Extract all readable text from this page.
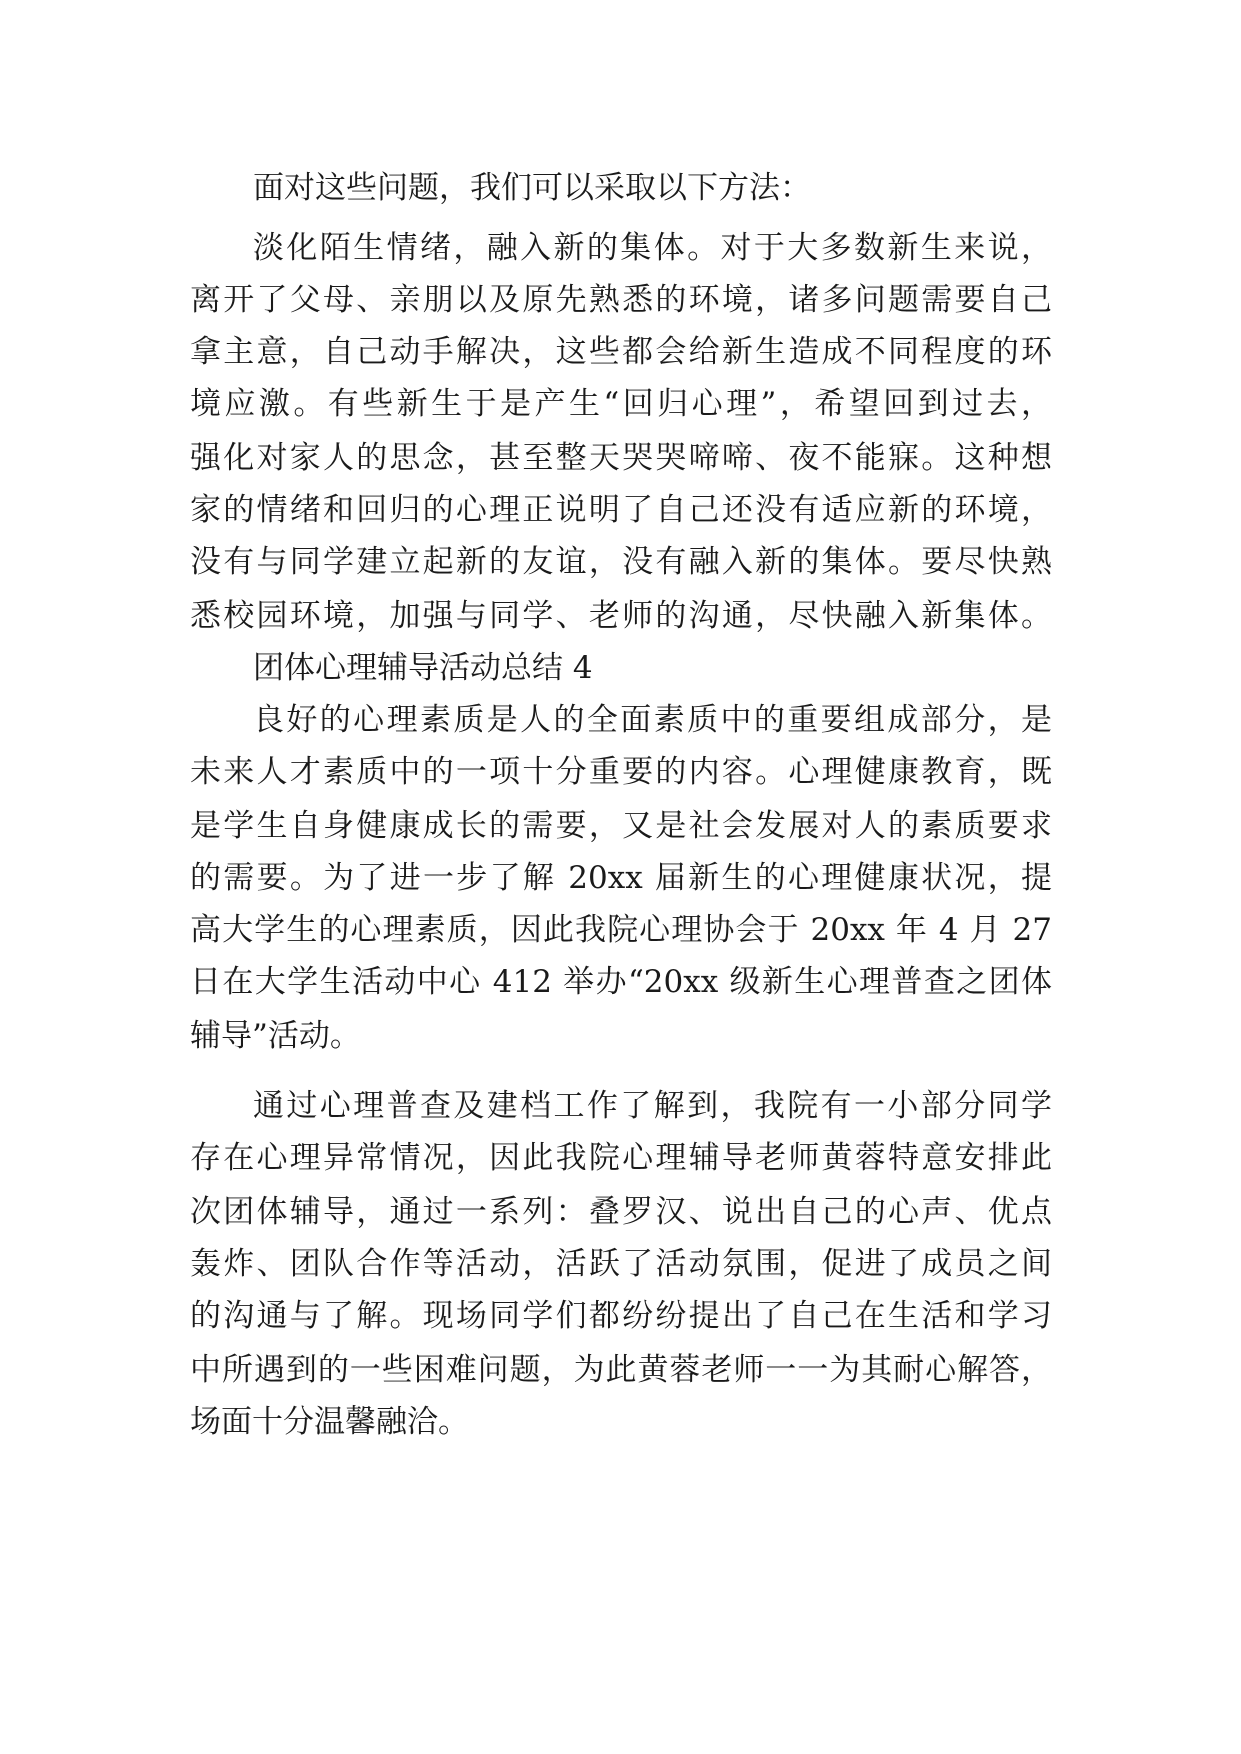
面对这些问题，我们可以采取以下方法：
淡化陌生情绪，融入新的集体。对于大多数新生来说，
离开了父母、亲朋以及原先熟悉的环境，诸多问题需要自己
拿主意，自己动手解决，这些都会给新生造成不同程度的环
境应激。有些新生于是产生“回归心理”，希望回到过去，
强化对家人的思念，甚至整天哭哭啼啼、夜不能寐。这种想
家的情绪和回归的心理正说明了自己还没有适应新的环境，
没有与同学建立起新的友谊，没有融入新的集体。要尽快熟
悉校园环境，加强与同学、老师的沟通，尽快融入新集体。
团体心理辅导活动总结 4
良好的心理素质是人的全面素质中的重要组成部分，是
未来人才素质中的一项十分重要的内容。心理健康教育，既
是学生自身健康成长的需要，又是社会发展对人的素质要求
的需要。为了进一步了解 20xx 届新生的心理健康状况，提
高大学生的心理素质，因此我院心理协会于 20xx 年 4 月 27
日在大学生活动中心 412 举办“20xx 级新生心理普查之团体
辅导”活动。
通过心理普查及建档工作了解到，我院有一小部分同学
存在心理异常情况，因此我院心理辅导老师黄蓉特意安排此
次团体辅导，通过一系列：叠罗汉、说出自己的心声、优点
轰炸、团队合作等活动，活跃了活动氛围，促进了成员之间
的沟通与了解。现场同学们都纷纷提出了自己在生活和学习
中所遇到的一些困难问题，为此黄蓉老师一一为其耐心解答，
场面十分温馨融洽。
